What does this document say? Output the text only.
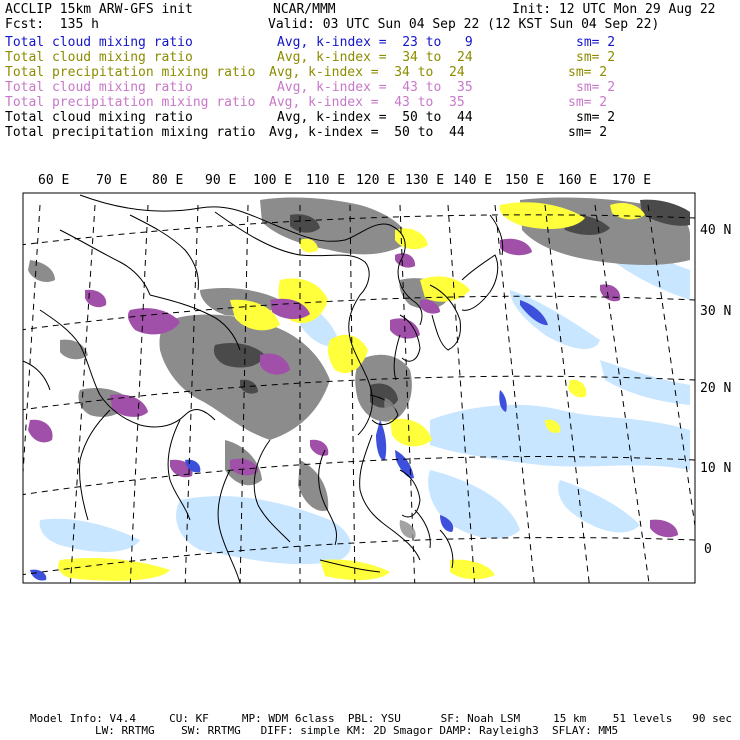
ACCLIP 15km ARW-GFS init	NCAR/MMM	Init: 12 UTC Mon 29 Aug 22
Fcst:  135 h	Valid: 03 UTC Sun 04 Sep 22 (12 KST Sun 04 Sep 22)
Total cloud mixing ratio	Avg, k-index =  23 to   9	sm= 2
Total cloud mixing ratio	Avg, k-index =  34 to  24	sm= 2
Total precipitation mixing ratio Avg, k-index =  34 to  24	sm= 2
Total cloud mixing ratio	Avg, k-index =  43 to  35	sm= 2
Total precipitation mixing ratio Avg, k-index =  43 to  35	sm= 2
Total cloud mixing ratio	Avg, k-index =  50 to  44	sm= 2
Total precipitation mixing ratio Avg, k-index =  50 to  44	sm= 2
60 E 70 E 80 E 90 E 100 E 110 E 120 E 130 E 140 E 150 E 160 E 170 E
40 N
30 N
20 N
10 N
0
Model Info: V4.4     CU: KF     MP: WDM 6class  PBL: YSU      SF: Noah LSM     15 km    51 levels   90 sec
LW: RRTMG    SW: RRTMG   DIFF: simple KM: 2D Smagor DAMP: Rayleigh3  SFLAY: MM5
